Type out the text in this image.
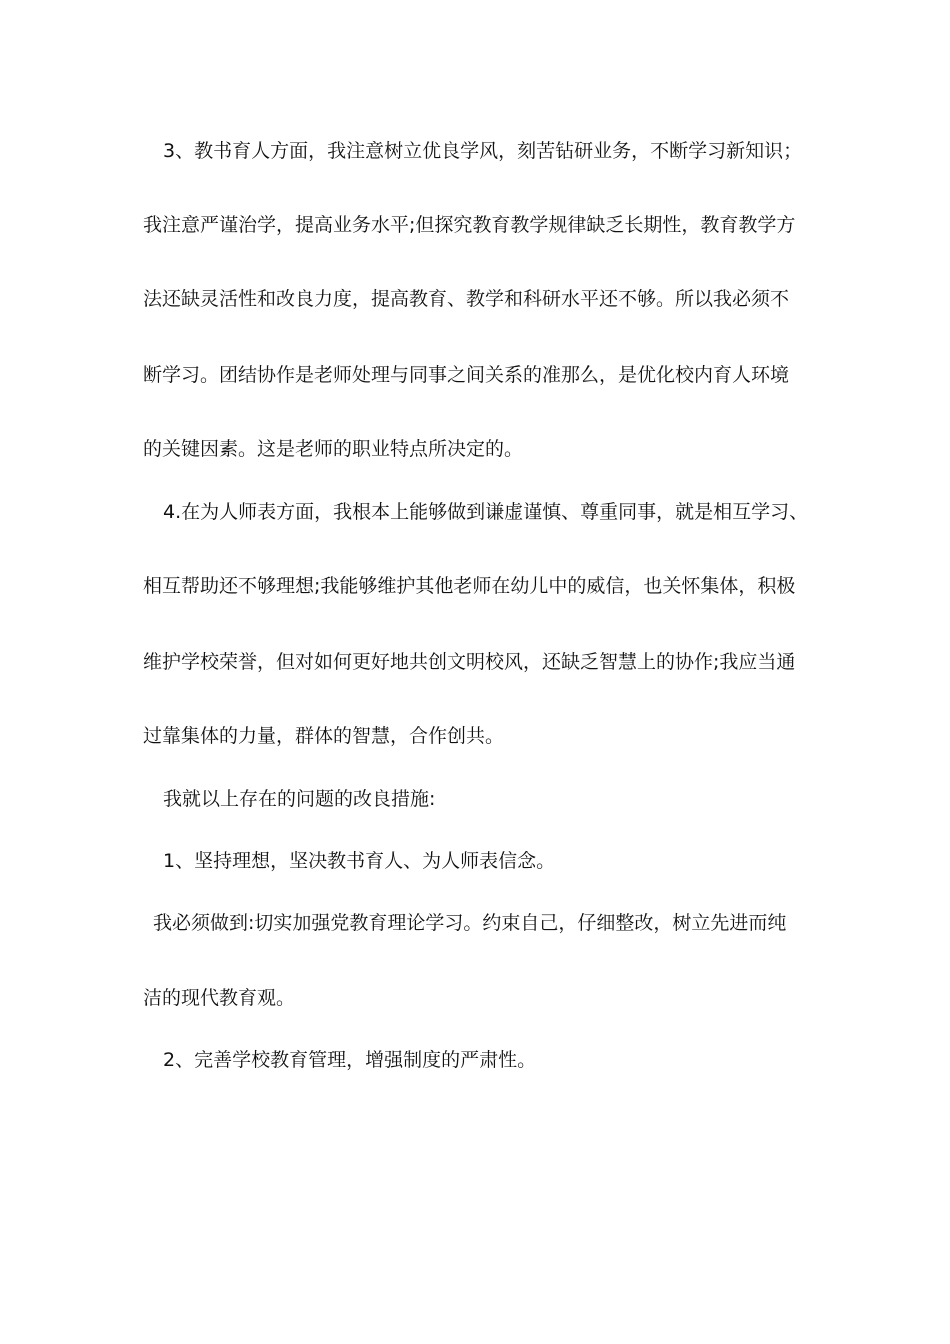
3、教书育人方面，我注意树立优良学风，刻苦钻研业务，不断学习新知识；
我注意严谨治学，提高业务水平;但探究教育教学规律缺乏长期性，教育教学方
法还缺灵活性和改良力度，提高教育、教学和科研水平还不够。所以我必须不
断学习。团结协作是老师处理与同事之间关系的准那么，是优化校内育人环境
的关键因素。这是老师的职业特点所决定的。
4.在为人师表方面，我根本上能够做到谦虚谨慎、尊重同事，就是相互学习、
相互帮助还不够理想;我能够维护其他老师在幼儿中的威信，也关怀集体，积极
维护学校荣誉，但对如何更好地共创文明校风，还缺乏智慧上的协作;我应当通
过靠集体的力量，群体的智慧，合作创共。
我就以上存在的问题的改良措施:
1、坚持理想，坚决教书育人、为人师表信念。
我必须做到:切实加强党教育理论学习。约束自己，仔细整改，树立先进而纯
洁的现代教育观。
2、完善学校教育管理，增强制度的严肃性。
